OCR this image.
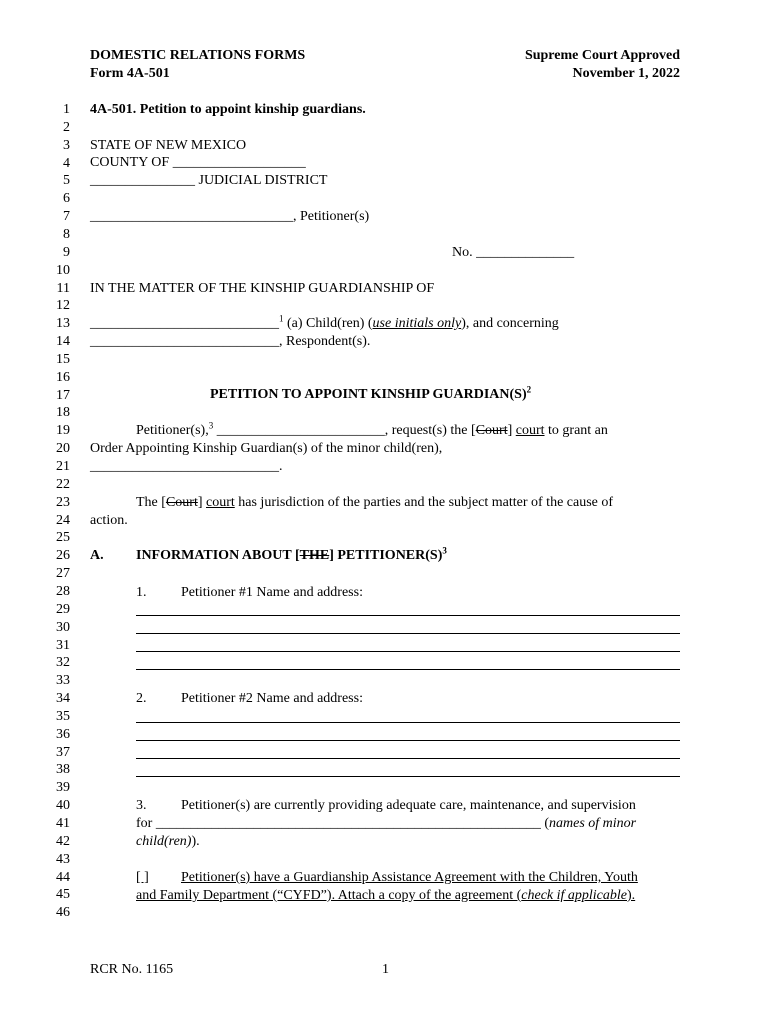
DOMESTIC RELATIONS FORMS
Form 4A-501
Supreme Court Approved
November 1, 2022
1
2
3
4
5
6
7
8
9
10
11
12
13
14
15
16
17
18
19
20
21
22
23
24
25
26
27
28
29
30
31
32
33
34
35
36
37
38
39
40
41
42
43
44
45
46
4A-501. Petition to appoint kinship guardians.
STATE OF NEW MEXICO
COUNTY OF ___________________
_______________ JUDICIAL DISTRICT
_____________________________, Petitioner(s)
No. ______________
IN THE MATTER OF THE KINSHIP GUARDIANSHIP OF
___________________________$^1$ (a) Child(ren) (use initials only), and concerning
___________________________, Respondent(s).
PETITION TO APPOINT KINSHIP $GUARDIAN(S)^2$
Petitioner(s),$^3$ ________________________, request(s) the [Court] court to grant an
Order Appointing Kinship Guardian(s) of the minor child(ren),
___________________________.
The [Court] court has jurisdiction of the parties and the subject matter of the cause of
action.
A. INFORMATION ABOUT [THE] $PETITIONER(S)^3$
1. Petitioner #1 Name and address:
2. Petitioner #2 Name and address:
3. Petitioner(s) are currently providing adequate care, maintenance, and supervision
for _______________________________________________________ (names of minor
child(ren)).
[ ] Petitioner(s) have a Guardianship Assistance Agreement with the Children, Youth
and Family Department (“CYFD”). Attach a copy of the agreement (check if applicable).
RCR No. 1165	1
